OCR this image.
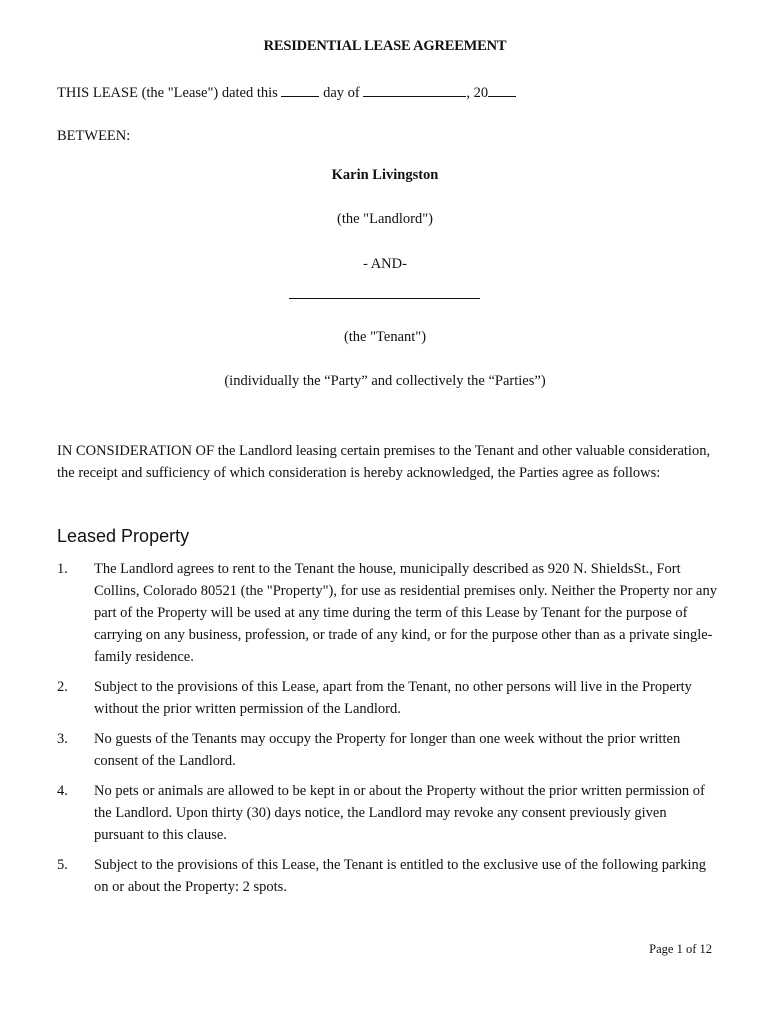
RESIDENTIAL LEASE AGREEMENT
THIS LEASE (the "Lease") dated this	day of	, 20
BETWEEN:
Karin Livingston
(the "Landlord")
- AND-
(the "Tenant")
(individually the “Party” and collectively the “Parties”)
IN CONSIDERATION OF the Landlord leasing certain premises to the Tenant and other valuable consideration, the receipt and sufficiency of which consideration is hereby acknowledged, the Parties agree as follows:
Leased Property
1. The Landlord agrees to rent to the Tenant the house, municipally described as 920 N. ShieldsSt., Fort Collins, Colorado 80521 (the "Property"), for use as residential premises only. Neither the Property nor any part of the Property will be used at any time during the term of this Lease by Tenant for the purpose of carrying on any business, profession, or trade of any kind, or for the purpose other than as a private single-family residence.
2. Subject to the provisions of this Lease, apart from the Tenant, no other persons will live in the Property without the prior written permission of the Landlord.
3. No guests of the Tenants may occupy the Property for longer than one week without the prior written consent of the Landlord.
4. No pets or animals are allowed to be kept in or about the Property without the prior written permission of the Landlord. Upon thirty (30) days notice, the Landlord may revoke any consent previously given pursuant to this clause.
5. Subject to the provisions of this Lease, the Tenant is entitled to the exclusive use of the following parking on or about the Property: 2 spots.
Page 1 of 12
